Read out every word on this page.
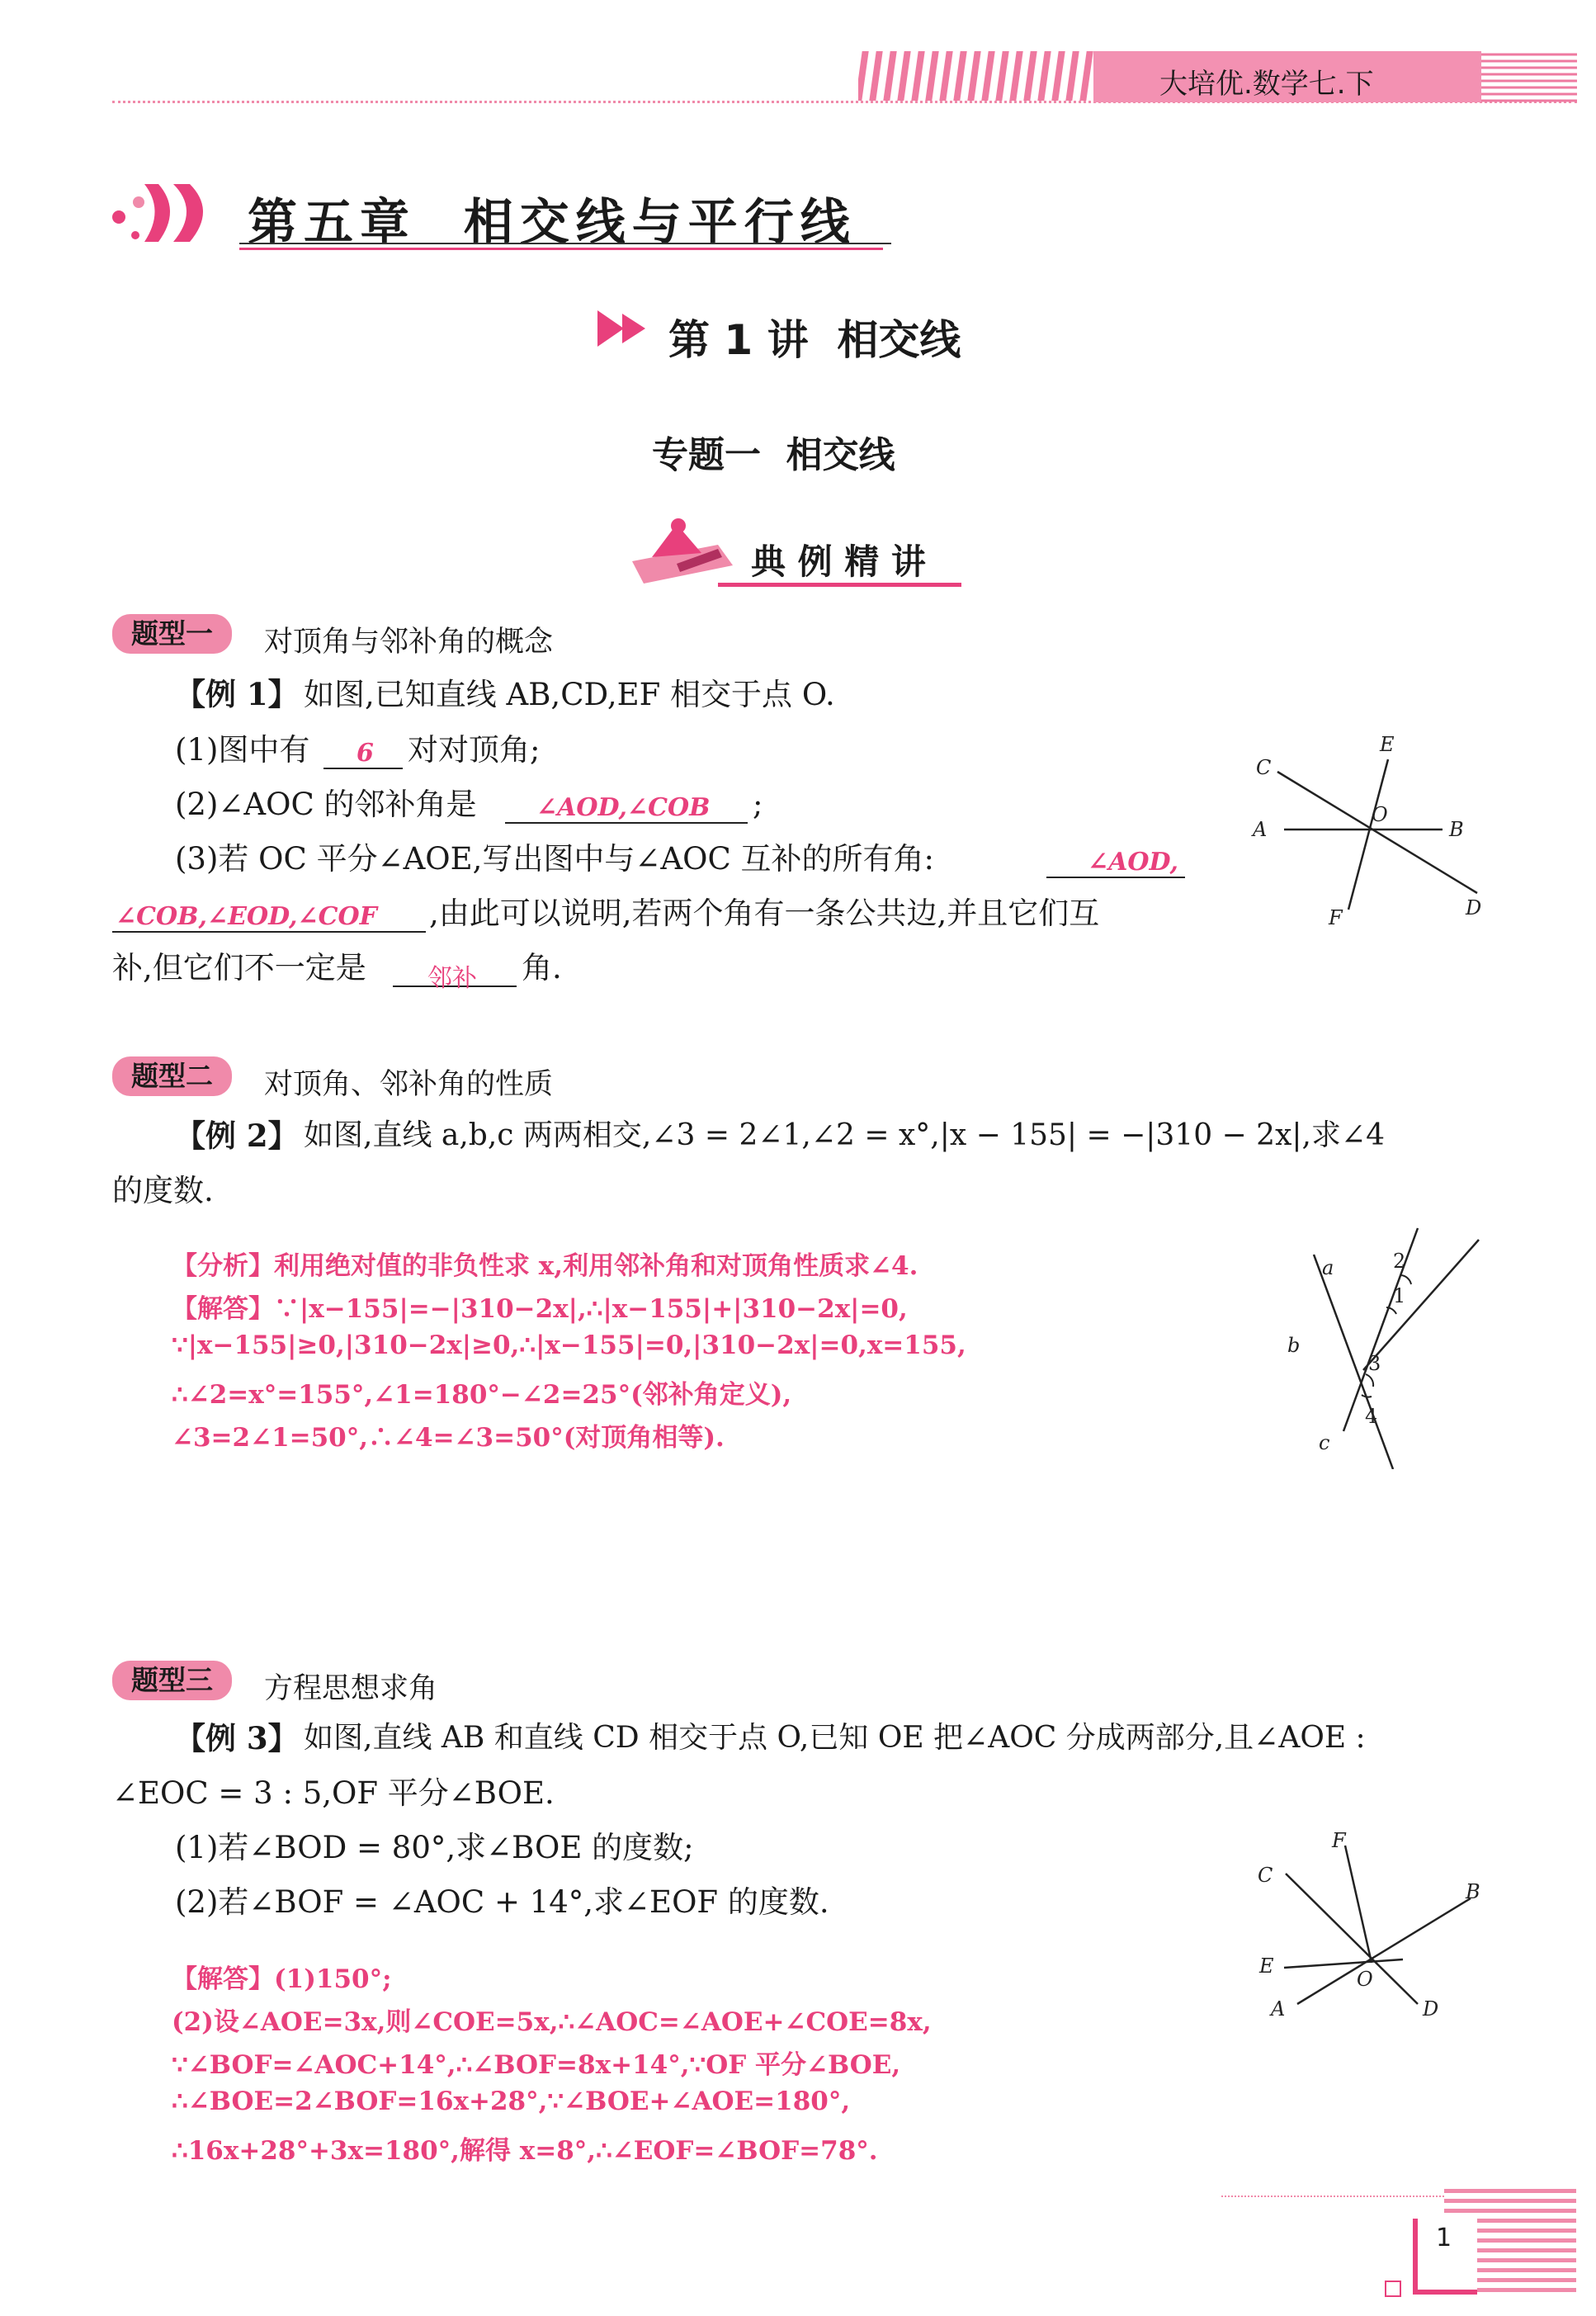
大培优.数学七.下
第五章  相交线与平行线
第 1 讲  相交线
专题一  相交线
典 例 精 讲
题型一	对顶角与邻补角的概念
【例 1】 如图,已知直线 AB,CD,EF 相交于点 O.
(1)图中有 6 对对顶角;
(2)∠AOC 的邻补角是 ∠AOD,∠COB ;
(3)若 OC 平分∠AOE,写出图中与∠AOC 互补的所有角:	∠AOD,
∠COB,∠EOD,∠COF ,由此可以说明,若两个角有一条公共边,并且它们互
补,但它们不一定是 邻补 角.
E
C
A
O
B
D
F
题型二	对顶角、邻补角的性质
【例 2】 如图,直线 a,b,c 两两相交,∠3 = 2∠1,∠2 = x°,|x − 155| = −|310 − 2x|,求∠4
的度数.
【分析】利用绝对值的非负性求 x,利用邻补角和对顶角性质求∠4.
【解答】∵|x−155|=−|310−2x|,∴|x−155|+|310−2x|=0,
∵|x−155|≥0,|310−2x|≥0,∴|x−155|=0,|310−2x|=0,x=155,
∴∠2=x°=155°,∠1=180°−∠2=25°(邻补角定义),
∠3=2∠1=50°,∴∠4=∠3=50°(对顶角相等).
a
b
c
1
2
3
4
题型三	方程思想求角
【例 3】 如图,直线 AB 和直线 CD 相交于点 O,已知 OE 把∠AOC 分成两部分,且∠AOE :
∠EOC = 3 : 5,OF 平分∠BOE.
(1)若∠BOD = 80°,求∠BOE 的度数;
(2)若∠BOF = ∠AOC + 14°,求∠EOF 的度数.
【解答】(1)150°;
(2)设∠AOE=3x,则∠COE=5x,∴∠AOC=∠AOE+∠COE=8x,
∵∠BOF=∠AOC+14°,∴∠BOF=8x+14°,∵OF 平分∠BOE,
∴∠BOE=2∠BOF=16x+28°,∵∠BOE+∠AOE=180°,
∴16x+28°+3x=180°,解得 x=8°,∴∠EOF=∠BOF=78°.
F
C
B
E
O
A	D
1
